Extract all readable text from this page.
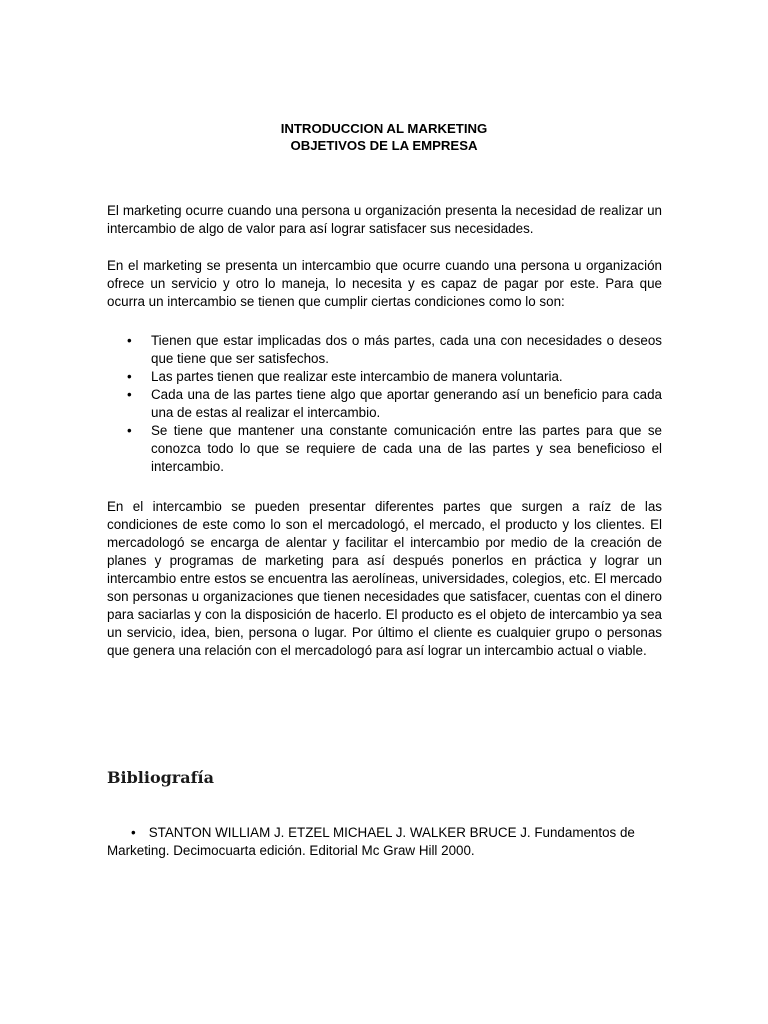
INTRODUCCION AL MARKETING
OBJETIVOS DE LA EMPRESA

El marketing ocurre cuando una persona u organización presenta la necesidad de realizar un intercambio de algo de valor para así lograr satisfacer sus necesidades.

En el marketing se presenta un intercambio que ocurre cuando una persona u organización ofrece un servicio y otro lo maneja, lo necesita y es capaz de pagar por este. Para que ocurra un intercambio se tienen que cumplir ciertas condiciones como lo son:

• Tienen que estar implicadas dos o más partes, cada una con necesidades o deseos que tiene que ser satisfechos.
• Las partes tienen que realizar este intercambio de manera voluntaria.
• Cada una de las partes tiene algo que aportar generando así un beneficio para cada una de estas al realizar el intercambio.
• Se tiene que mantener una constante comunicación entre las partes para que se conozca todo lo que se requiere de cada una de las partes y sea beneficioso el intercambio.

En el intercambio se pueden presentar diferentes partes que surgen a raíz de las condiciones de este como lo son el mercadologó, el mercado, el producto y los clientes. El mercadologó se encarga de alentar y facilitar el intercambio por medio de la creación de planes y programas de marketing para así después ponerlos en práctica y lograr un intercambio entre estos se encuentra las aerolíneas, universidades, colegios, etc. El mercado son personas u organizaciones que tienen necesidades que satisfacer, cuentas con el dinero para saciarlas y con la disposición de hacerlo. El producto es el objeto de intercambio ya sea un servicio, idea, bien, persona o lugar. Por último el cliente es cualquier grupo o personas que genera una relación con el mercadologó para así lograr un intercambio actual o viable.

Bibliografía
• STANTON WILLIAM J. ETZEL MICHAEL J. WALKER BRUCE J. Fundamentos de Marketing. Decimocuarta edición. Editorial Mc Graw Hill 2000.
